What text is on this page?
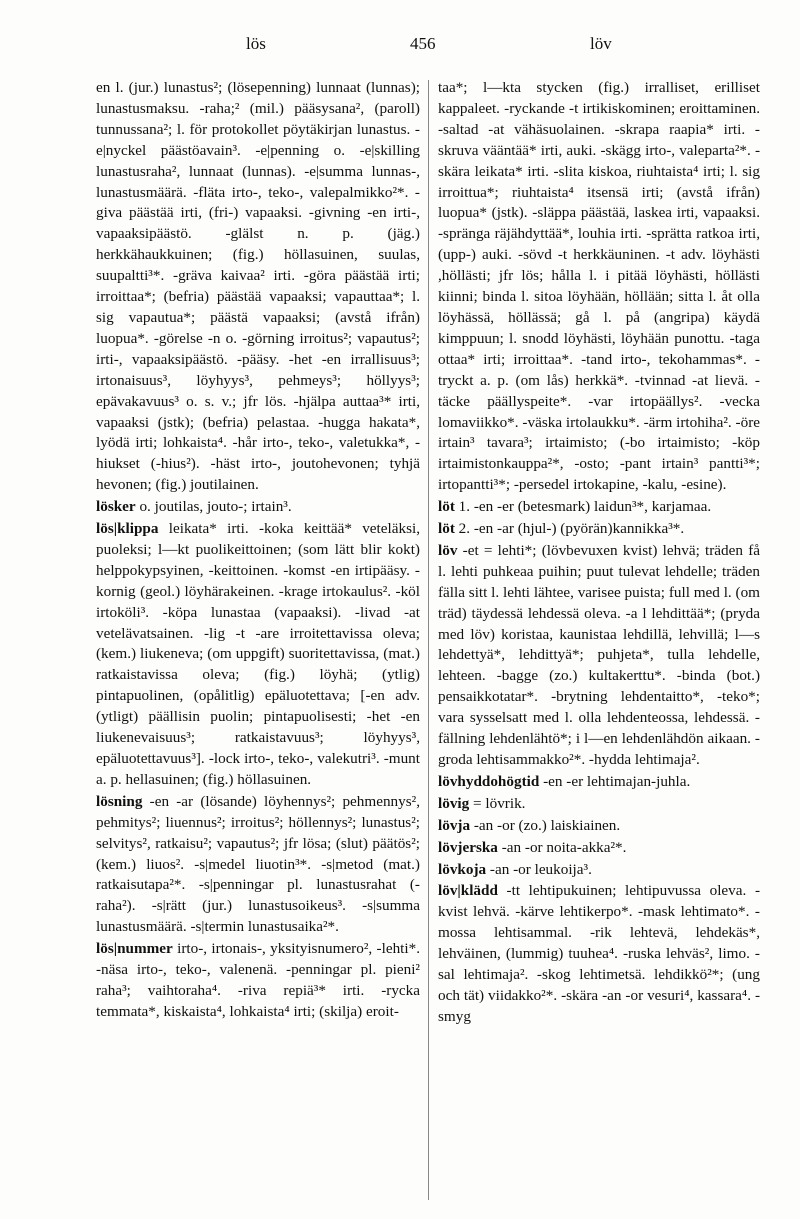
lös	456	löv

en l. (jur.) lunastus²; (lösepenning) lunnaat (lunnas); lunastusmaksu. -raha;² (mil.) pääsysana², (paroll) tunnussana²; l. för protokollet pöytäkirjan lunastus. -e|nyckel päästöavain³. -e|penning o. -e|skilling lunastusraha², lunnaat (lunnas). -e|summa lunnas-, lunastusmäärä. -fläta irto-, teko-, valepalmikko²*. -giva päästää irti, (fri-) vapaaksi. -givning -en irti-, vapaaksipäästö. -glälst n. p. (jäg.) herkkähaukkuinen; (fig.) höllasuinen, suulas, suupaltti³*. -gräva kaivaa² irti. -göra päästää irti; irroittaa*; (befria) päästää vapaaksi; vapauttaa*; l. sig vapautua*; päästä vapaaksi; (avstå ifrån) luopua*. -görelse -n o. -görning irroitus²; vapautus²; irti-, vapaaksipäästö. -pääsy. -het -en irrallisuus³; irtonaisuus³, löyhyys³, pehmeys³; höllyys³; epävakavuus³ o. s. v.; jfr lös. -hjälpa auttaa³* irti, vapaaksi (jstk); (befria) pelastaa. -hugga hakata*, lyödä irti; lohkaista⁴. -hår irto-, teko-, valetukka*, -hiukset (-hius²). -häst irto-, joutohevonen; tyhjä hevonen; (fig.) joutilainen.

lösker o. joutilas, jouto-; irtain³.

lös|klippa leikata* irti. -koka keittää* veteläksi, puoleksi; l—kt puolikeittoinen; (som lätt blir kokt) helppokypsyinen, -keittoinen. -komst -en irtipääsy. -kornig (geol.) löyhärakeinen. -krage irtokaulus². -köl irtoköli³. -köpa lunastaa (vapaaksi). -livad -at vetelävatsainen. -lig -t -are irroitettavissa oleva; (kem.) liukeneva; (om uppgift) suoritettavissa, (mat.) ratkaistavissa oleva; (fig.) löyhä; (ytlig) pintapuolinen, (opålitlig) epäluotettava; [-en adv. (ytligt) päällisin puolin; pintapuolisesti; -het -en liukenevaisuus³; ratkaistavuus³; löyhyys³, epäluotettavuus³]. -lock irto-, teko-, valekutri³. -munt a. p. hellasuinen; (fig.) höllasuinen.

lösning -en -ar (lösande) löyhennys²; pehmennys², pehmitys²; liuennus²; irroitus²; höllennys²; lunastus²; selvitys², ratkaisu²; vapautus²; jfr lösa; (slut) päätös²; (kem.) liuos². -s|medel liuotin³*. -s|metod (mat.) ratkaisutapa²*. -s|penningar pl. lunastusrahat (-raha²). -s|rätt (jur.) lunastusoikeus³. -s|summa lunastusmäärä. -s|termin lunastusaika²*.

lös|nummer irto-, irtonais-, yksityisnumero², -lehti*. -näsa irto-, teko-, valenenä. -penningar pl. pieni² raha³; vaihtoraha⁴. -rivа repiä³* irti. -rycka temmata*, kiskaista⁴, lohkaista⁴ irti; (skilja) eroit-

taa*; l—kta stycken (fig.) irralliset, erilliset kappaleet. -ryckande -t irtikiskominen; eroittaminen. -saltad -at vähäsuolainen. -skrapa raapia* irti. -skruva vääntää* irti, auki. -skägg irto-, valeparta²*. -skära leikata* irti. -slita kiskoa, riuhtaista⁴ irti; l. sig irroittua*; riuhtaista⁴ itsensä irti; (avstå ifrån) luopua* (jstk). -släppa päästää, laskea irti, vapaaksi. -spränga räjähdyttää*, louhia irti. -sprätta ratkoa irti, (upp-) auki. -sövd -t herkkäuninen. -t adv. löyhästi ,höllästi; jfr lös; hålla l. i pitää löyhästi, höllästi kiinni; binda l. sitoa löyhään, höllään; sitta l. åt olla löyhässä, höllässä; gå l. på (angripa) käydä kimppuun; l. snodd löyhästi, löyhään punottu. -taga ottaa* irti; irroittaa*. -tand irto-, tekohammas*. -tryckt a. p. (om lås) herkkä*. -tvinnad -at lievä. -täcke päällyspeite*. -var irtopäällys². -vecka lomaviikko*. -väska irtolaukku*. -ärm irtohiha². -öre irtain³ tavara³; irtaimisto; (-bo irtaimisto; -köp irtaimistonkauppa²*, -osto; -pant irtain³ pantti³*; irtopantti³*; -persedel irtokapine, -kalu, -esine).

löt 1. -en -er (betesmark) laidun³*, karjamaa.

löt 2. -en -ar (hjul-) (pyörän)kannikka³*.

löv -et = lehti*; (lövbevuxen kvist) lehvä; träden få l. lehti puhkeaa puihin; puut tulevat lehdelle; träden fälla sitt l. lehti lähtee, varisee puista; full med l. (om träd) täydessä lehdessä oleva. -a l lehdittää*; (pryda med löv) koristaa, kaunistaa lehdillä, lehvillä; l—s lehdettyä*, lehdittyä*; puhjeta*, tulla lehdelle, lehteen. -bagge (zo.) kultakerttu*. -binda (bot.) pensaikkotatar*. -brytning lehdentaitto*, -teko*; vara sysselsatt med l. olla lehdenteossa, lehdessä. -fällning lehdenlähtö*; i l—en lehdenlähdön aikaan. -groda lehtisammakko²*. -hydda lehtimaja².

lövhyddohögtid -en -er lehtimajan-juhla.

lövig = lövrik.

lövja -an -or (zo.) laiskiainen.

lövjerska -an -or noita-akka²*.

lövkoja -an -or leukoija³.

löv|klädd -tt lehtipukuinen; lehtipuvussa oleva. -kvist lehvä. -kärve lehtikerpo*. -mask lehtimato*. -mossa lehtisammal. -rik lehtevä, lehdekäs*, lehväinen, (lummig) tuuhea⁴. -ruska lehväs², limo. -sal lehtimaja². -skog lehtimetsä. lehdikkö²*; (ung och tät) viidakko²*. -skära -an -or vesuri⁴, kassara⁴. -smyg
